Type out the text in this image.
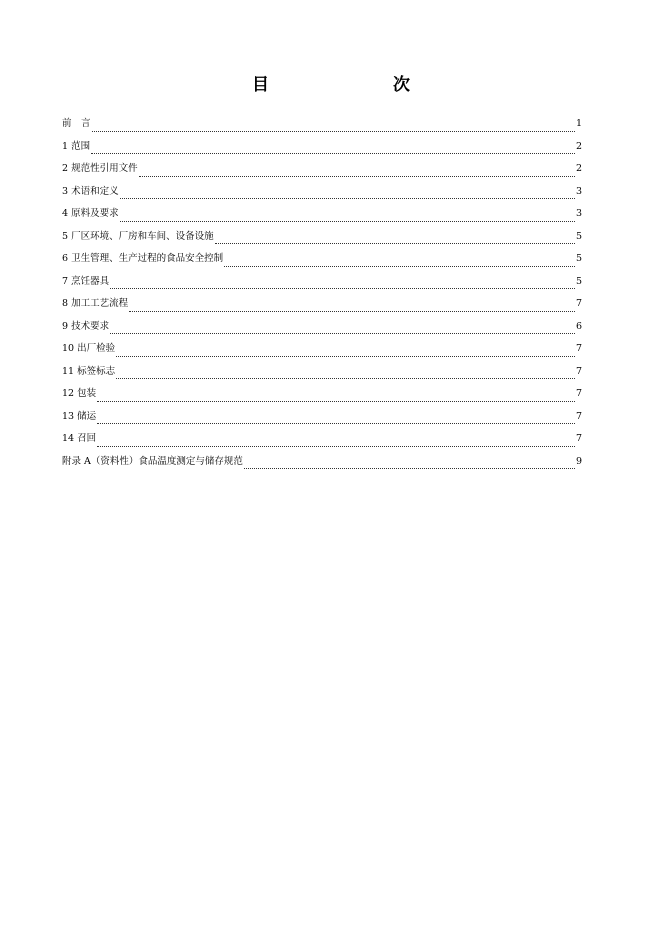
目　　次
前　言	1
1 范围	2
2 规范性引用文件	2
3 术语和定义	3
4 原料及要求	3
5 厂区环境、厂房和车间、设备设施	5
6 卫生管理、生产过程的食品安全控制	5
7 烹饪器具	5
8 加工工艺流程	7
9 技术要求	6
10 出厂检验	7
11 标签标志	7
12 包装	7
13 储运	7
14 召回	7
附录 A（资料性）食品温度测定与储存规范	9
